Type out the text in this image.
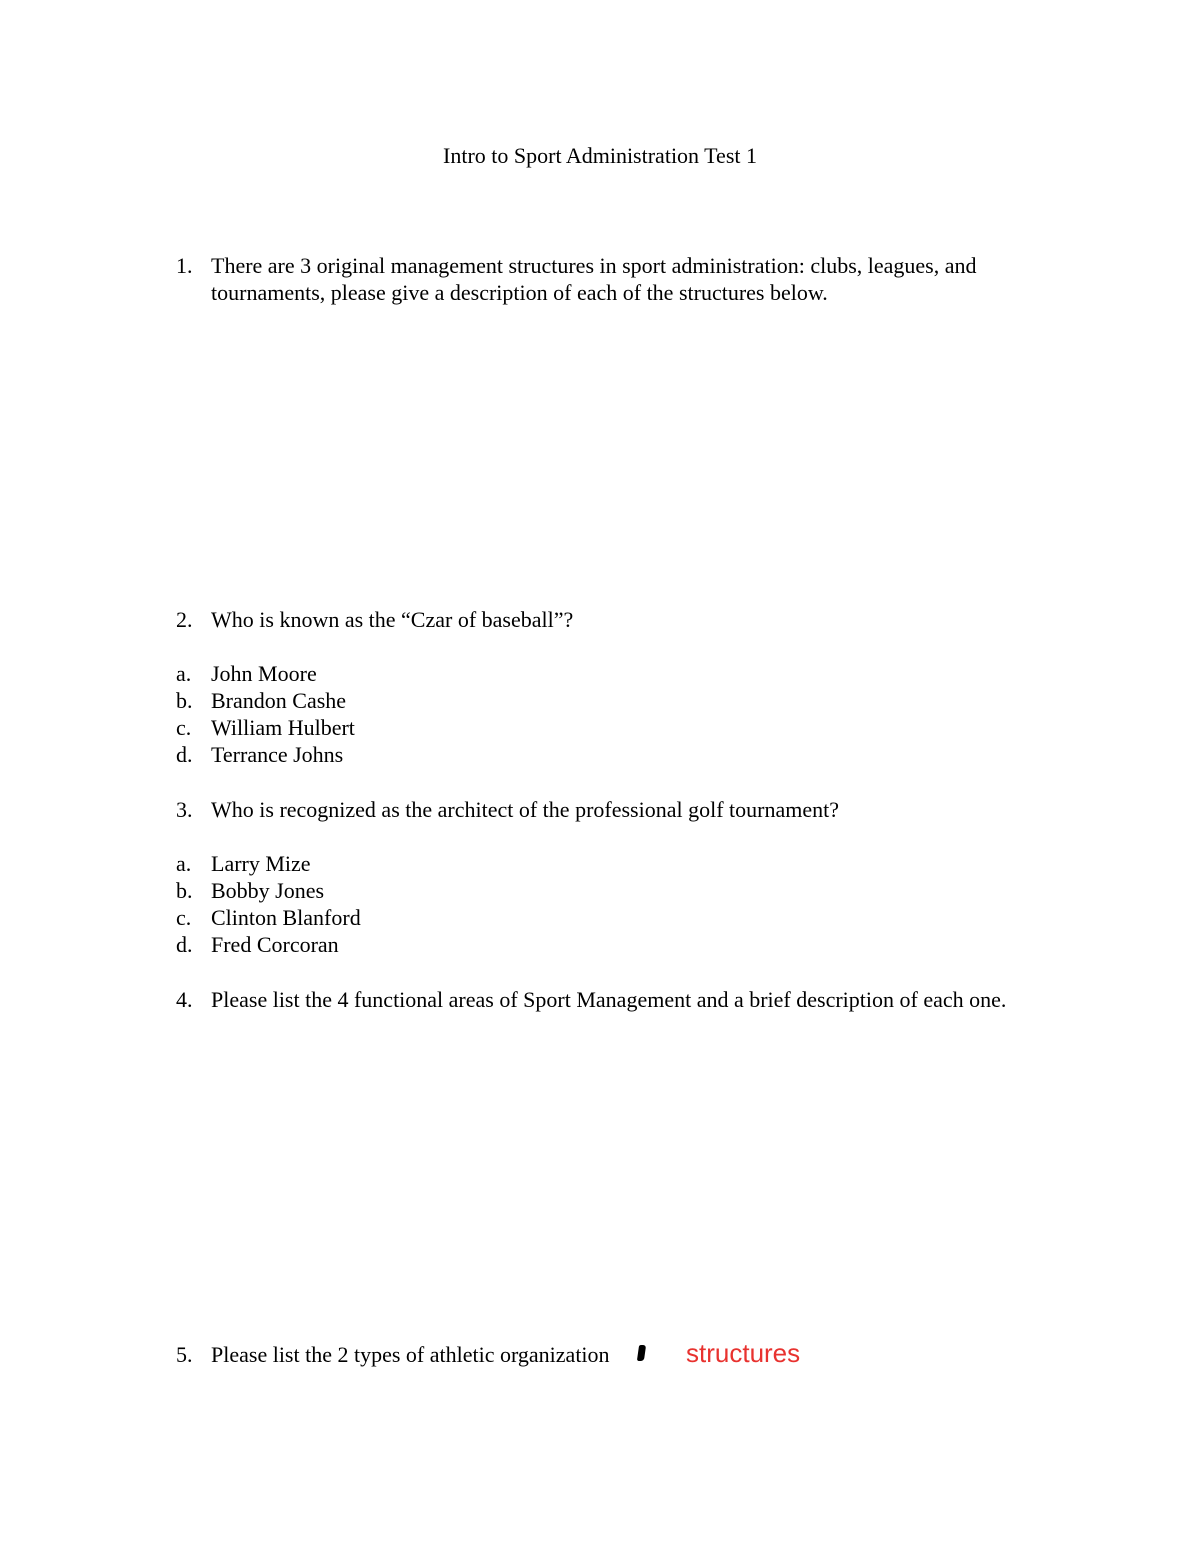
Intro to Sport Administration Test 1
1. There are 3 original management structures in sport administration: clubs, leagues, and tournaments, please give a description of each of the structures below.
2. Who is known as the “Czar of baseball”?
a. John Moore
b. Brandon Cashe
c. William Hulbert
d. Terrance Johns
3. Who is recognized as the architect of the professional golf tournament?
a. Larry Mize
b. Bobby Jones
c. Clinton Blanford
d. Fred Corcoran
4. Please list the 4 functional areas of Sport Management and a brief description of each one.
5. Please list the 2 types of athletic organization	structures
